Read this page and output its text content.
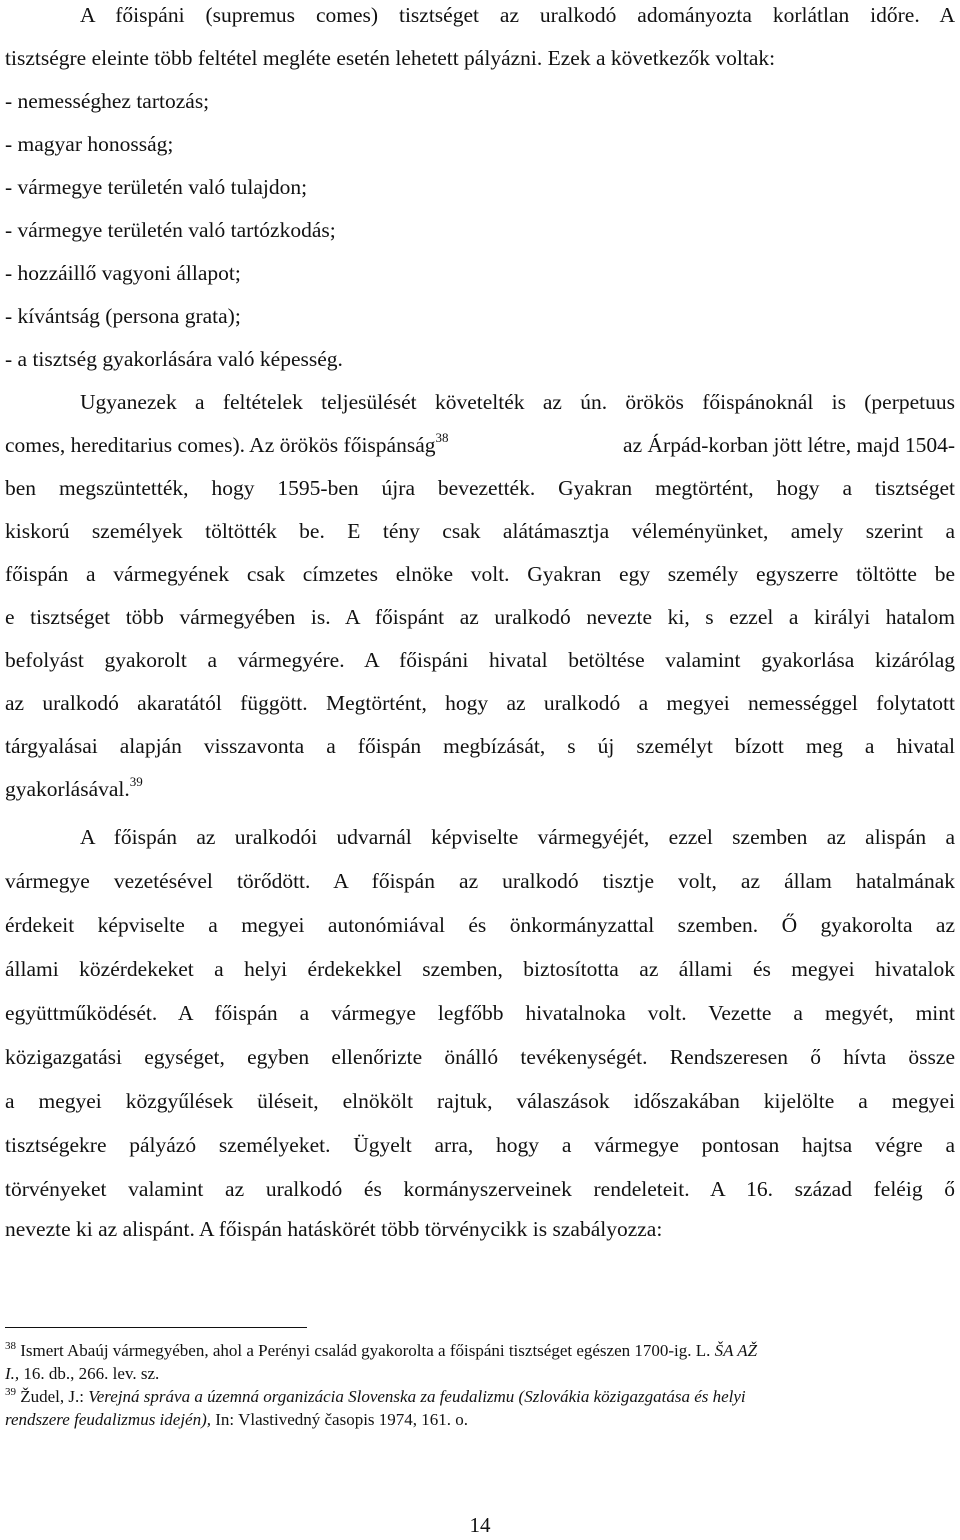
A főispáni (supremus comes) tisztséget az uralkodó adományozta korlátlan időre. A
tisztségre eleinte több feltétel megléte esetén lehetett pályázni. Ezek a következők voltak:
- nemességhez tartozás;
- magyar honosság;
- vármegye területén való tulajdon;
- vármegye területén való tartózkodás;
- hozzáillő vagyoni állapot;
- kívántság (persona grata);
- a tisztség gyakorlására való képesség.
Ugyanezek a feltételek teljesülését követelték az ún. örökös főispánoknál is (perpetuus
comes, hereditarius comes). Az örökös főispánság$^{38}$	az Árpád-korban jött létre, majd 1504-
ben megszüntették, hogy 1595-ben újra bevezették. Gyakran megtörtént, hogy a tisztséget
kiskorú személyek töltötték be. E tény csak alátámasztja véleményünket, amely szerint a
főispán a vármegyének csak címzetes elnöke volt. Gyakran egy személy egyszerre töltötte be
e tisztséget több vármegyében is. A főispánt az uralkodó nevezte ki, s ezzel a királyi hatalom
befolyást gyakorolt a vármegyére. A főispáni hivatal betöltése valamint gyakorlása kizárólag
az uralkodó akaratától függött. Megtörtént, hogy az uralkodó a megyei nemességgel folytatott
tárgyalásai alapján visszavonta a főispán megbízását, s új személyt bízott meg a hivatal
gyakorlásával.$^{39}$
A főispán az uralkodói udvarnál képviselte vármegyéjét, ezzel szemben az alispán a
vármegye vezetésével törődött. A főispán az uralkodó tisztje volt, az állam hatalmának
érdekeit képviselte a megyei autonómiával és önkormányzattal szemben. Ő gyakorolta az
állami közérdekeket a helyi érdekekkel szemben, biztosította az állami és megyei hivatalok
együttműködését. A főispán a vármegye legfőbb hivatalnoka volt. Vezette a megyét, mint
közigazgatási egységet, egyben ellenőrizte önálló tevékenységét. Rendszeresen ő hívta össze
a megyei közgyűlések üléseit, elnökölt rajtuk, válaszások időszakában kijelölte a megyei
tisztségekre pályázó személyeket. Ügyelt arra, hogy a vármegye pontosan hajtsa végre a
törvényeket valamint az uralkodó és kormányszerveinek rendeleteit. A 16. század feléig ő
nevezte ki az alispánt. A főispán hatáskörét több törvénycikk is szabályozza:
$^{38}$ Ismert Abaúj vármegyében, ahol a Perényi család gyakorolta a főispáni tisztséget egészen 1700-ig. L. ŠA AŽ
I., 16. db., 266. lev. sz.
$^{39}$ Žudel, J.: Verejná správa a územná organizácia Slovenska za feudalizmu (Szlovákia közigazgatása és helyi
rendszere feudalizmus idején), In: Vlastivedný časopis 1974, 161. o.
14
